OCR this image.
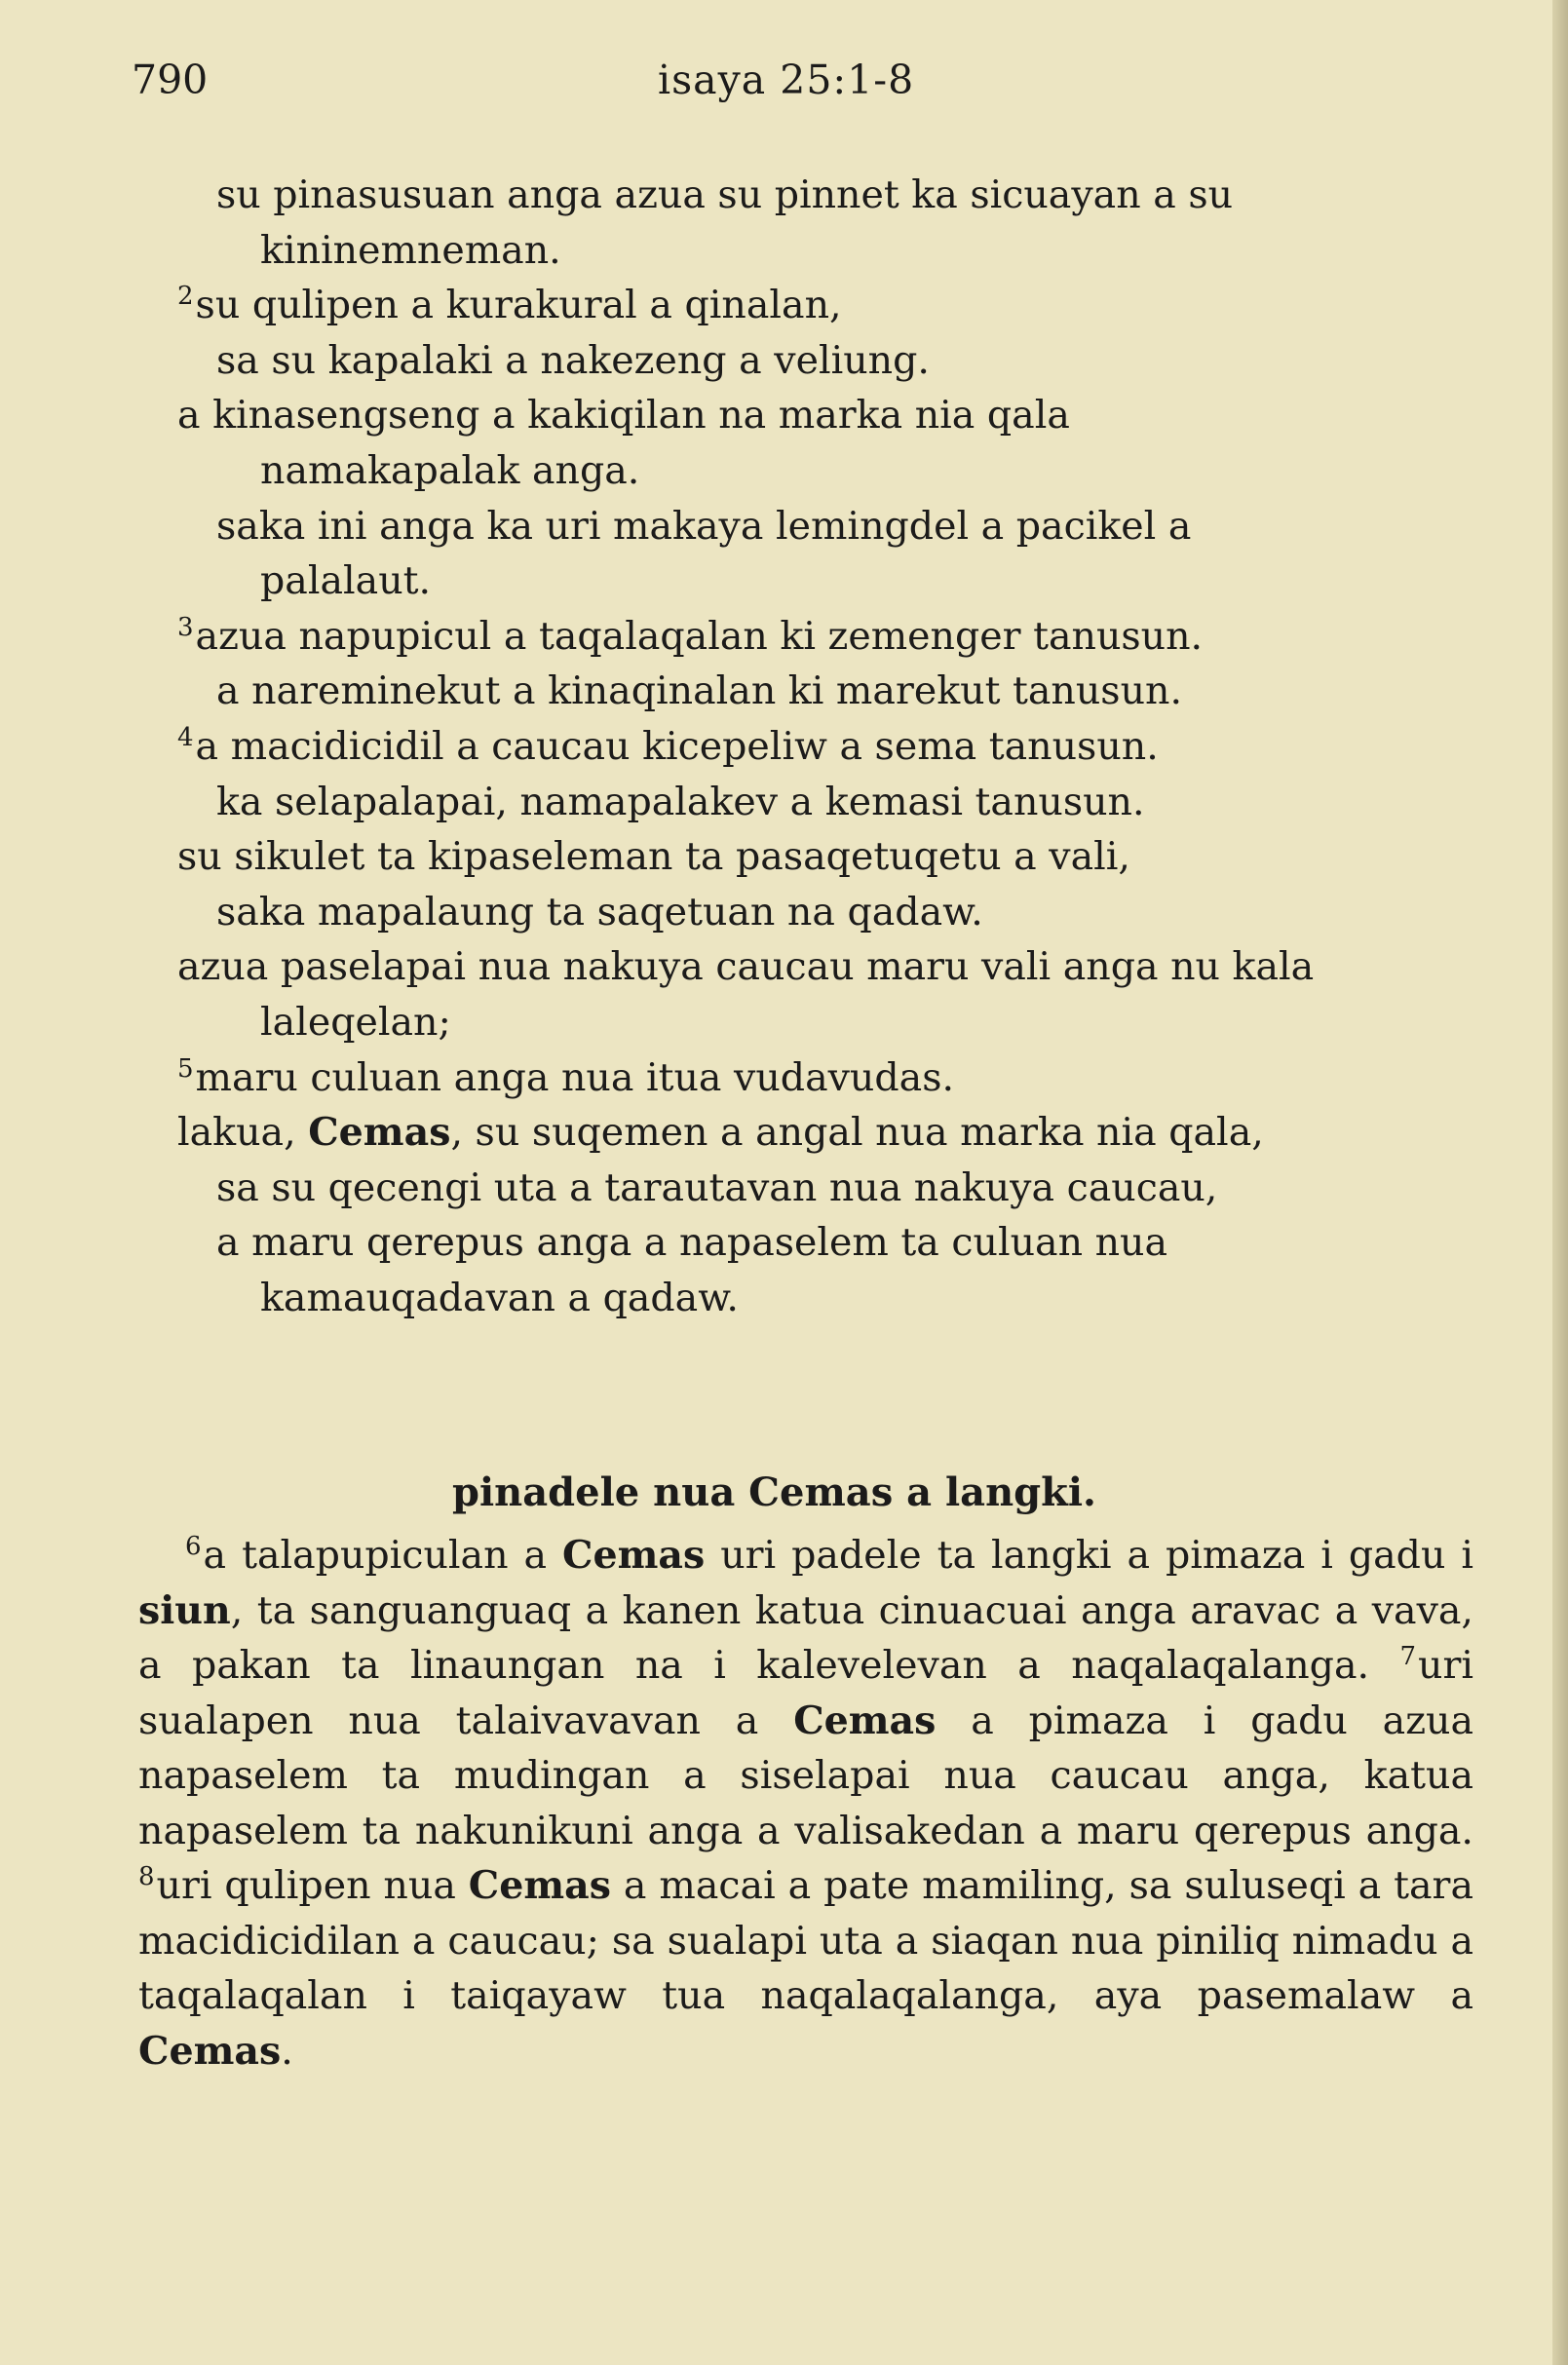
790	isaya 25:1-8
su pinasusuan anga azua su pinnet ka sicuayan a su
kininemneman.
$^2$su qulipen a kurakural a qinalan,
sa su kapalaki a nakezeng a veliung.
a kinasengseng a kakiqilan na marka nia qala
namakapalak anga.
saka ini anga ka uri makaya lemingdel a pacikel a
palalaut.
$^3$azua napupicul a taqalaqalan ki zemenger tanusun.
a nareminekut a kinaqinalan ki marekut tanusun.
$^4$a macidicidil a caucau kicepeliw a sema tanusun.
ka selapalapai, namapalakev a kemasi tanusun.
su sikulet ta kipaseleman ta pasaqetuqetu a vali,
saka mapalaung ta saqetuan na qadaw.
azua paselapai nua nakuya caucau maru vali anga nu kala
laleqelan;
$^5$maru culuan anga nua itua vudavudas.
lakua, Cemas, su suqemen a angal nua marka nia qala,
sa su qecengi uta a tarautavan nua nakuya caucau,
a maru qerepus anga a napaselem ta culuan nua
kamauqadavan a qadaw.
pinadele nua Cemas a langki.

$^6$a talapupiculan a Cemas uri padele ta langki a pimaza i gadu i siun, ta sanguanguaq a kanen katua cinuacuai anga aravac a vava, a pakan ta linaungan na i kalevelevan a naqalaqalanga. $^7$uri sualapen nua talaivavavan a Cemas a pimaza i gadu azua napaselem ta mudingan a siselapai nua caucau anga, katua napaselem ta nakunikuni anga a valisakedan a maru qerepus anga. $^8$uri qulipen nua Cemas a macai a pate mamiling, sa suluseqi a tara macidicidilan a caucau; sa sualapi uta a siaqan nua piniliq nimadu a taqalaqalan i taiqayaw tua naqalaqalanga, aya pasemalaw a Cemas.
